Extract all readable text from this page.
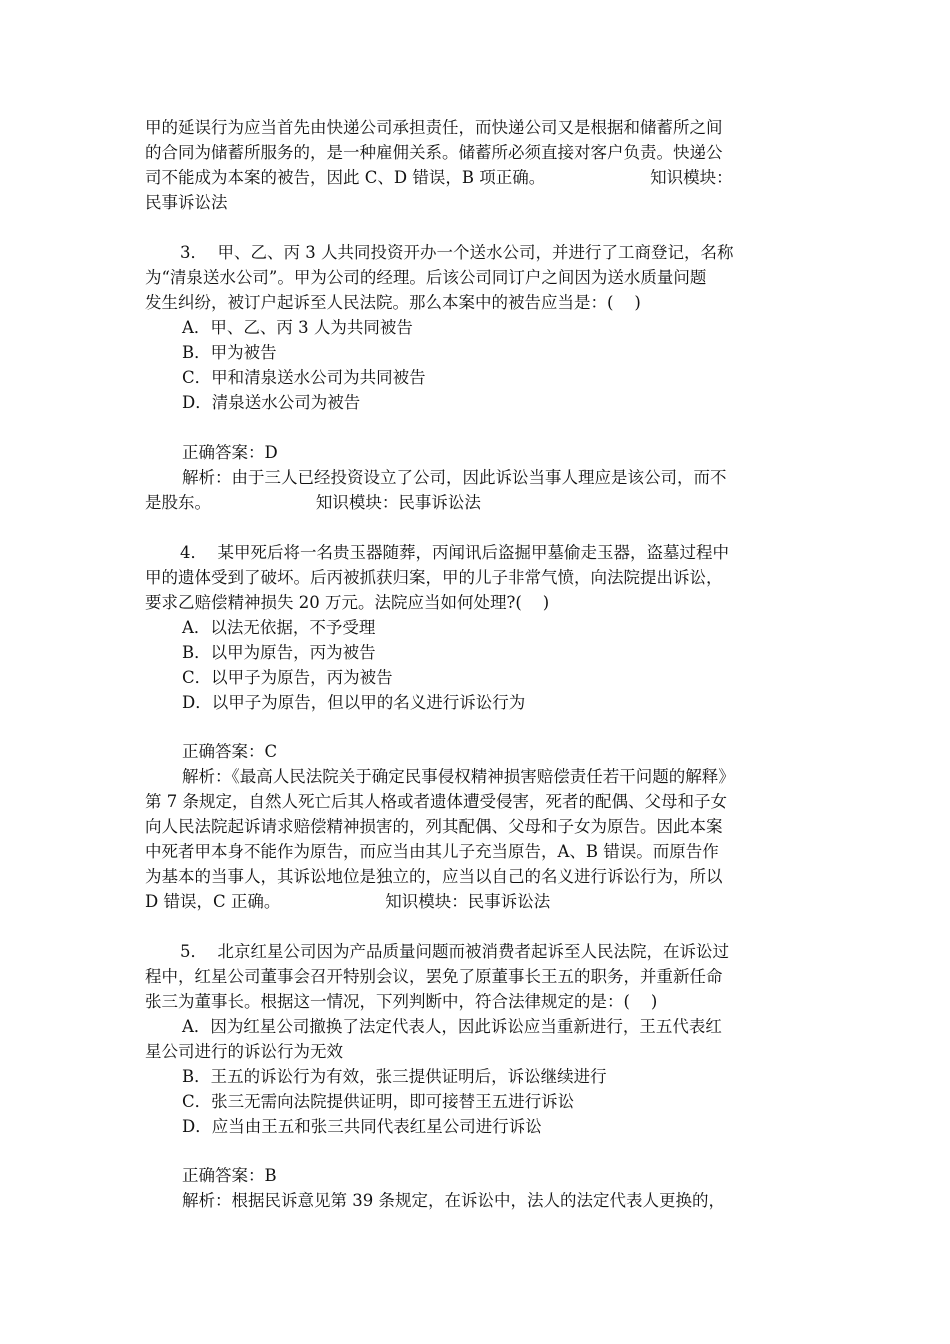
甲的延误行为应当首先由快递公司承担责任，而快递公司又是根据和储蓄所之间
的合同为储蓄所服务的，是一种雇佣关系。储蓄所必须直接对客户负责。快递公
司不能成为本案的被告，因此 C、D 错误，B 项正确。                    知识模块：
民事诉讼法
3．  甲、乙、丙 3 人共同投资开办一个送水公司，并进行了工商登记，名称
为“清泉送水公司”。甲为公司的经理。后该公司同订户之间因为送水质量问题
发生纠纷，被订户起诉至人民法院。那么本案中的被告应当是：(    )
A．甲、乙、丙 3 人为共同被告
B．甲为被告
C．甲和清泉送水公司为共同被告
D．清泉送水公司为被告
正确答案：D
解析：由于三人已经投资设立了公司，因此诉讼当事人理应是该公司，而不
是股东。                    知识模块：民事诉讼法
4．  某甲死后将一名贵玉器随葬，丙闻讯后盗掘甲墓偷走玉器，盗墓过程中
甲的遗体受到了破坏。后丙被抓获归案，甲的儿子非常气愤，向法院提出诉讼，
要求乙赔偿精神损失 20 万元。法院应当如何处理?(    )
A．以法无依据，不予受理
B．以甲为原告，丙为被告
C．以甲子为原告，丙为被告
D．以甲子为原告，但以甲的名义进行诉讼行为
正确答案：C
解析：《最高人民法院关于确定民事侵权精神损害赔偿责任若干问题的解释》
第 7 条规定，自然人死亡后其人格或者遗体遭受侵害，死者的配偶、父母和子女
向人民法院起诉请求赔偿精神损害的，列其配偶、父母和子女为原告。因此本案
中死者甲本身不能作为原告，而应当由其儿子充当原告，A、B 错误。而原告作
为基本的当事人，其诉讼地位是独立的，应当以自己的名义进行诉讼行为，所以
D 错误，C 正确。                    知识模块：民事诉讼法
5．  北京红星公司因为产品质量问题而被消费者起诉至人民法院，在诉讼过
程中，红星公司董事会召开特别会议，罢免了原董事长王五的职务，并重新任命
张三为董事长。根据这一情况，下列判断中，符合法律规定的是：(    )
A．因为红星公司撤换了法定代表人，因此诉讼应当重新进行，王五代表红
星公司进行的诉讼行为无效
B．王五的诉讼行为有效，张三提供证明后，诉讼继续进行
C．张三无需向法院提供证明，即可接替王五进行诉讼
D．应当由王五和张三共同代表红星公司进行诉讼
正确答案：B
解析：根据民诉意见第 39 条规定，在诉讼中，法人的法定代表人更换的，
